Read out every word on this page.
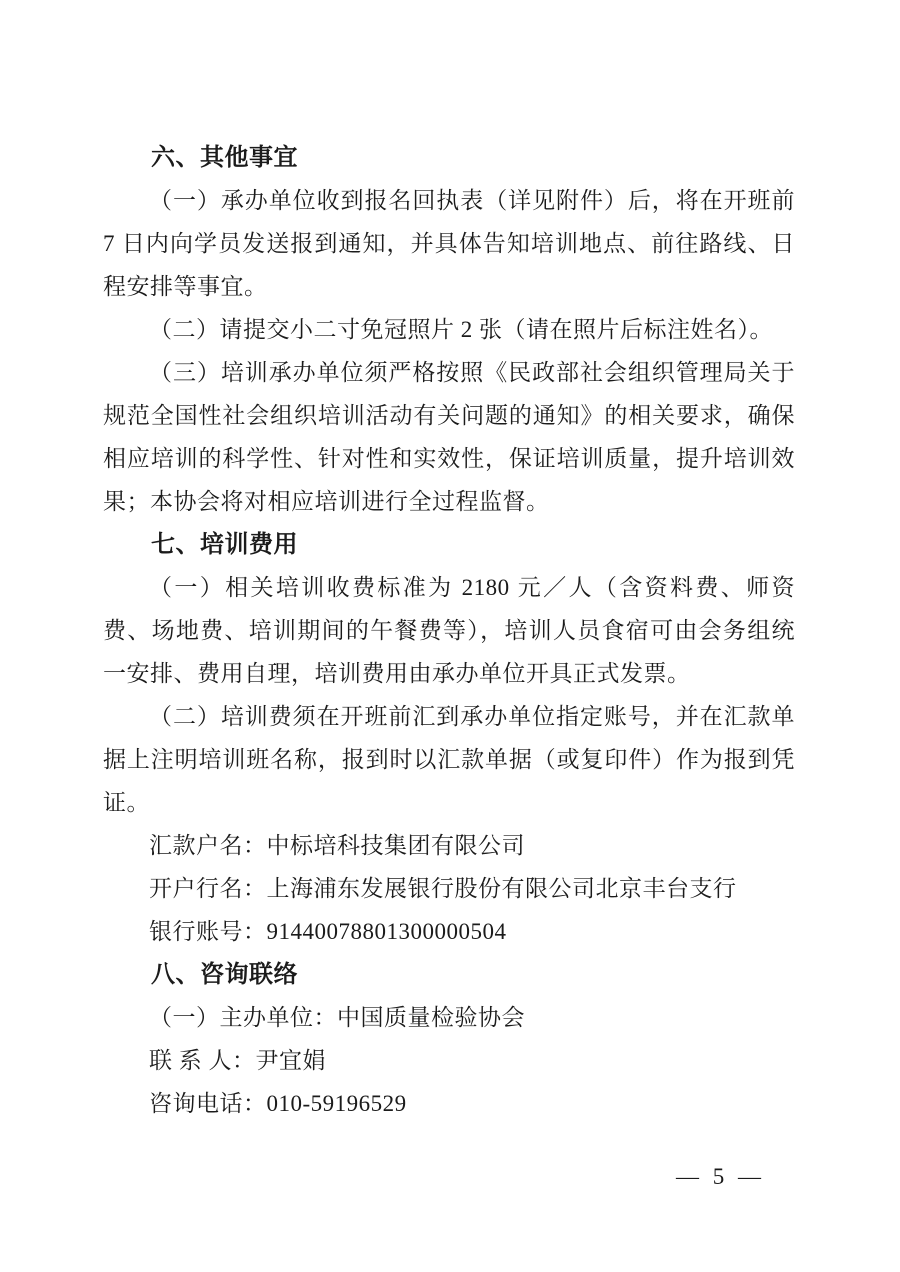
六、其他事宜

（一）承办单位收到报名回执表（详见附件）后，将在开班前 7 日内向学员发送报到通知，并具体告知培训地点、前往路线、日程安排等事宜。

（二）请提交小二寸免冠照片 2 张（请在照片后标注姓名）。

（三）培训承办单位须严格按照《民政部社会组织管理局关于规范全国性社会组织培训活动有关问题的通知》的相关要求，确保相应培训的科学性、针对性和实效性，保证培训质量，提升培训效果；本协会将对相应培训进行全过程监督。

七、培训费用

（一）相关培训收费标准为 2180 元／人（含资料费、师资费、场地费、培训期间的午餐费等），培训人员食宿可由会务组统一安排、费用自理，培训费用由承办单位开具正式发票。

（二）培训费须在开班前汇到承办单位指定账号，并在汇款单据上注明培训班名称，报到时以汇款单据（或复印件）作为报到凭证。

汇款户名：中标培科技集团有限公司

开户行名：上海浦东发展银行股份有限公司北京丰台支行

银行账号：91440078801300000504

八、咨询联络

（一）主办单位：中国质量检验协会

联 系 人：尹宜娟

咨询电话：010-59196529

— 5 —
